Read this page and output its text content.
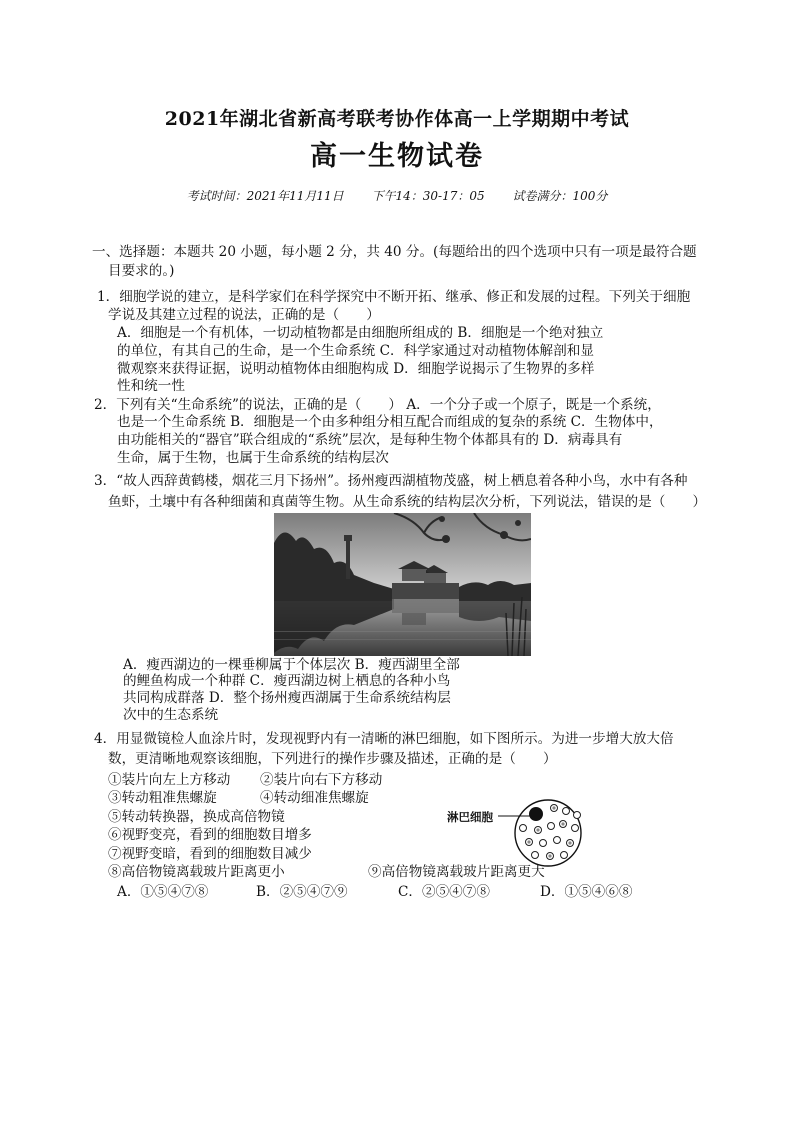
2021年湖北省新高考联考协作体高一上学期期中考试
高一生物试卷
考试时间：2021年11月11日 下午14：30-17：05 试卷满分：100分
一、选择题：本题共 20 小题，每小题 2 分，共 40 分。(每题给出的四个选项中只有一项是最符合题
目要求的。)
1．细胞学说的建立，是科学家们在科学探究中不断开拓、继承、修正和发展的过程。下列关于细胞
学说及其建立过程的说法，正确的是（　　）
A．细胞是一个有机体，一切动植物都是由细胞所组成的 B．细胞是一个绝对独立
的单位，有其自己的生命，是一个生命系统 C．科学家通过对动植物体解剖和显
微观察来获得证据，说明动植物体由细胞构成 D．细胞学说揭示了生物界的多样
性和统一性
2．下列有关“生命系统”的说法，正确的是（　　） A．一个分子或一个原子，既是一个系统，
也是一个生命系统 B．细胞是一个由多种组分相互配合而组成的复杂的系统 C．生物体中，
由功能相关的“器官”联合组成的“系统”层次，是每种生物个体都具有的 D．病毒具有
生命，属于生物，也属于生命系统的结构层次
3．“故人西辞黄鹤楼，烟花三月下扬州”。扬州瘦西湖植物茂盛，树上栖息着各种小鸟，水中有各种
鱼虾，土壤中有各种细菌和真菌等生物。从生命系统的结构层次分析，下列说法，错误的是（　　）
A．瘦西湖边的一棵垂柳属于个体层次 B．瘦西湖里全部
的鲤鱼构成一个种群 C．瘦西湖边树上栖息的各种小鸟
共同构成群落 D．整个扬州瘦西湖属于生命系统结构层
次中的生态系统
4．用显微镜检人血涂片时，发现视野内有一清晰的淋巴细胞，如下图所示。为进一步增大放大倍
数，更清晰地观察该细胞，下列进行的操作步骤及描述，正确的是（　　）
①装片向左上方移动 ②装片向右下方移动
③转动粗准焦螺旋	④转动细准焦螺旋
⑤转动转换器，换成高倍物镜
⑥视野变亮，看到的细胞数目增多
⑦视野变暗，看到的细胞数目减少
⑧高倍物镜离载玻片距离更小	⑨高倍物镜离载玻片距离更大
淋巴细胞
A．①⑤④⑦⑧	B．②⑤④⑦⑨	C．②⑤④⑦⑧	D．①⑤④⑥⑧
